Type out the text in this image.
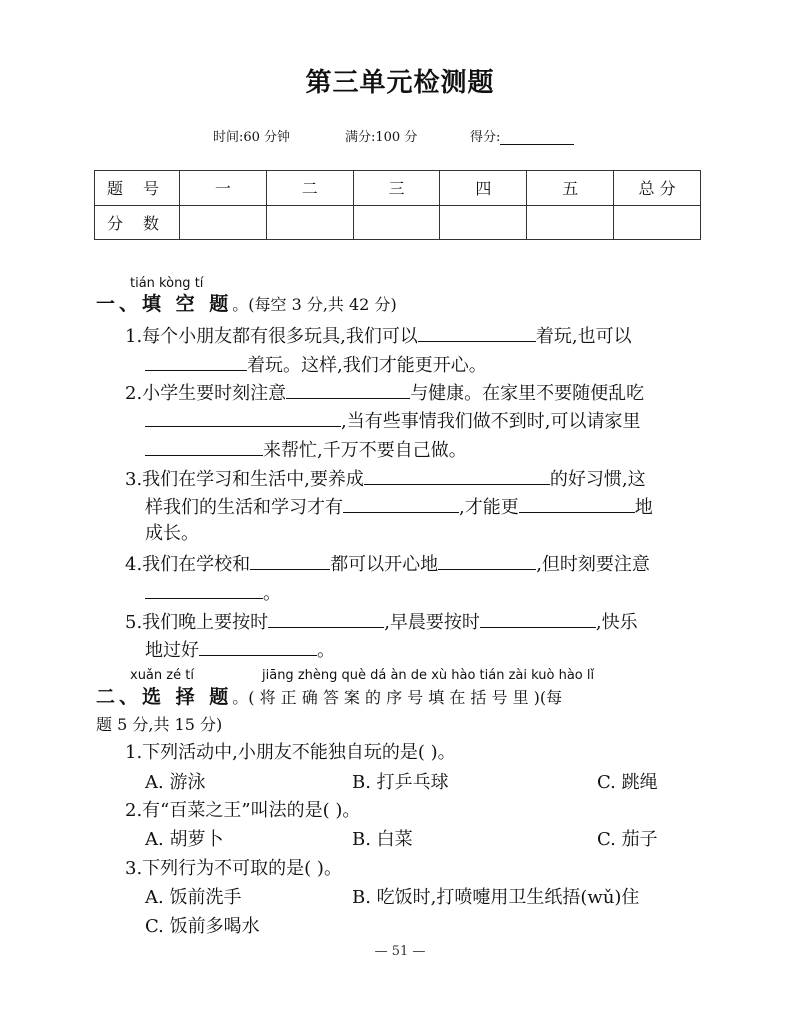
第三单元检测题
时间:60 分钟	满分:100 分	得分:
题号	一	二	三	四	五	总 分
分数						
tián kòng tí
一、填 空 题。(每空 3 分,共 42 分)
1.每个小朋友都有很多玩具,我们可以	着玩,也可以
着玩。这样,我们才能更开心。
2.小学生要时刻注意	与健康。在家里不要随便乱吃
,当有些事情我们做不到时,可以请家里
来帮忙,千万不要自己做。
3.我们在学习和生活中,要养成	的好习惯,这
样我们的生活和学习才有	,才能更	地
成长。
4.我们在学校和	都可以开心地	,但时刻要注意
。
5.我们晚上要按时	,早晨要按时	,快乐
地过好	。
xuǎn zé tí	jiāng zhèng què dá àn de xù hào tián zài kuò hào lǐ
二、选 择 题。( 将 正 确 答 案 的 序 号 填 在 括 号 里 )(每
题 5 分,共 15 分)
1.下列活动中,小朋友不能独自玩的是( )。
A. 游泳	B. 打乒乓球	C. 跳绳
2.有“百菜之王”叫法的是( )。
A. 胡萝卜	B. 白菜	C. 茄子
3.下列行为不可取的是( )。
A. 饭前洗手	B. 吃饭时,打喷嚏用卫生纸捂(wǔ)住
C. 饭前多喝水
— 51 —
